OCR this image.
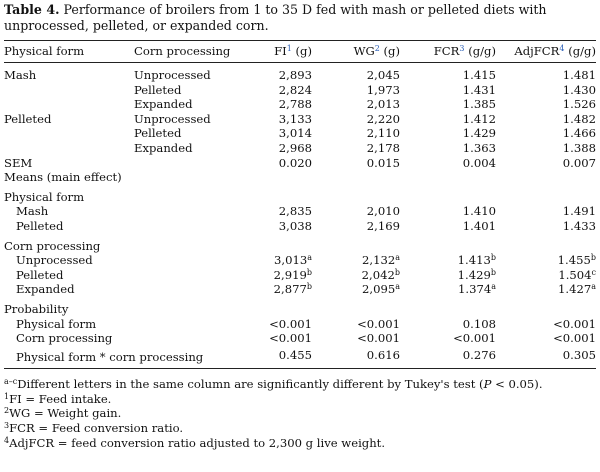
Table 4. Performance of broilers from 1 to 35 D fed with mash or pelleted diets with unprocessed, pelleted, or expanded corn.

Physical form	Corn processing	$FI^1$ (g)	$WG^2$ (g)	FCR$^3$ (g/g)	AdjFCR$^4$ (g/g)

Mash	Unprocessed	2,893	2,045	1.415	1.481
	Pelleted	2,824	1,973	1.431	1.430
	Expanded	2,788	2,013	1.385	1.526
Pelleted	Unprocessed	3,133	2,220	1.412	1.482
	Pelleted	3,014	2,110	1.429	1.466
	Expanded	2,968	2,178	1.363	1.388
SEM		0.020	0.015	0.004	0.007
Means (main effect)					

Physical form					
Mash		2,835	2,010	1.410	1.491
Pelleted		3,038	2,169	1.401	1.433

Corn processing					
Unprocessed		3,013$^a$	2,132$^a$	1.413$^b$	1.455$^b$
Pelleted		2,919$^b$	2,042$^b$	1.429$^b$	1.504$^c$
Expanded		2,877$^b$	2,095$^a$	1.374$^a$	1.427$^a$

Probability					
Physical form		<0.001	<0.001	0.108	<0.001
Corn processing		<0.001	<0.001	<0.001	<0.001
Physical form * corn processing		0.455	0.616	0.276	0.305
$^{a-c}$Different letters in the same column are significantly different by Tukey's test (P < 0.05).
$^1$FI = Feed intake.
$^2$WG = Weight gain.
$^3$FCR = Feed conversion ratio.
$^4$AdjFCR = feed conversion ratio adjusted to 2,300 g live weight.
